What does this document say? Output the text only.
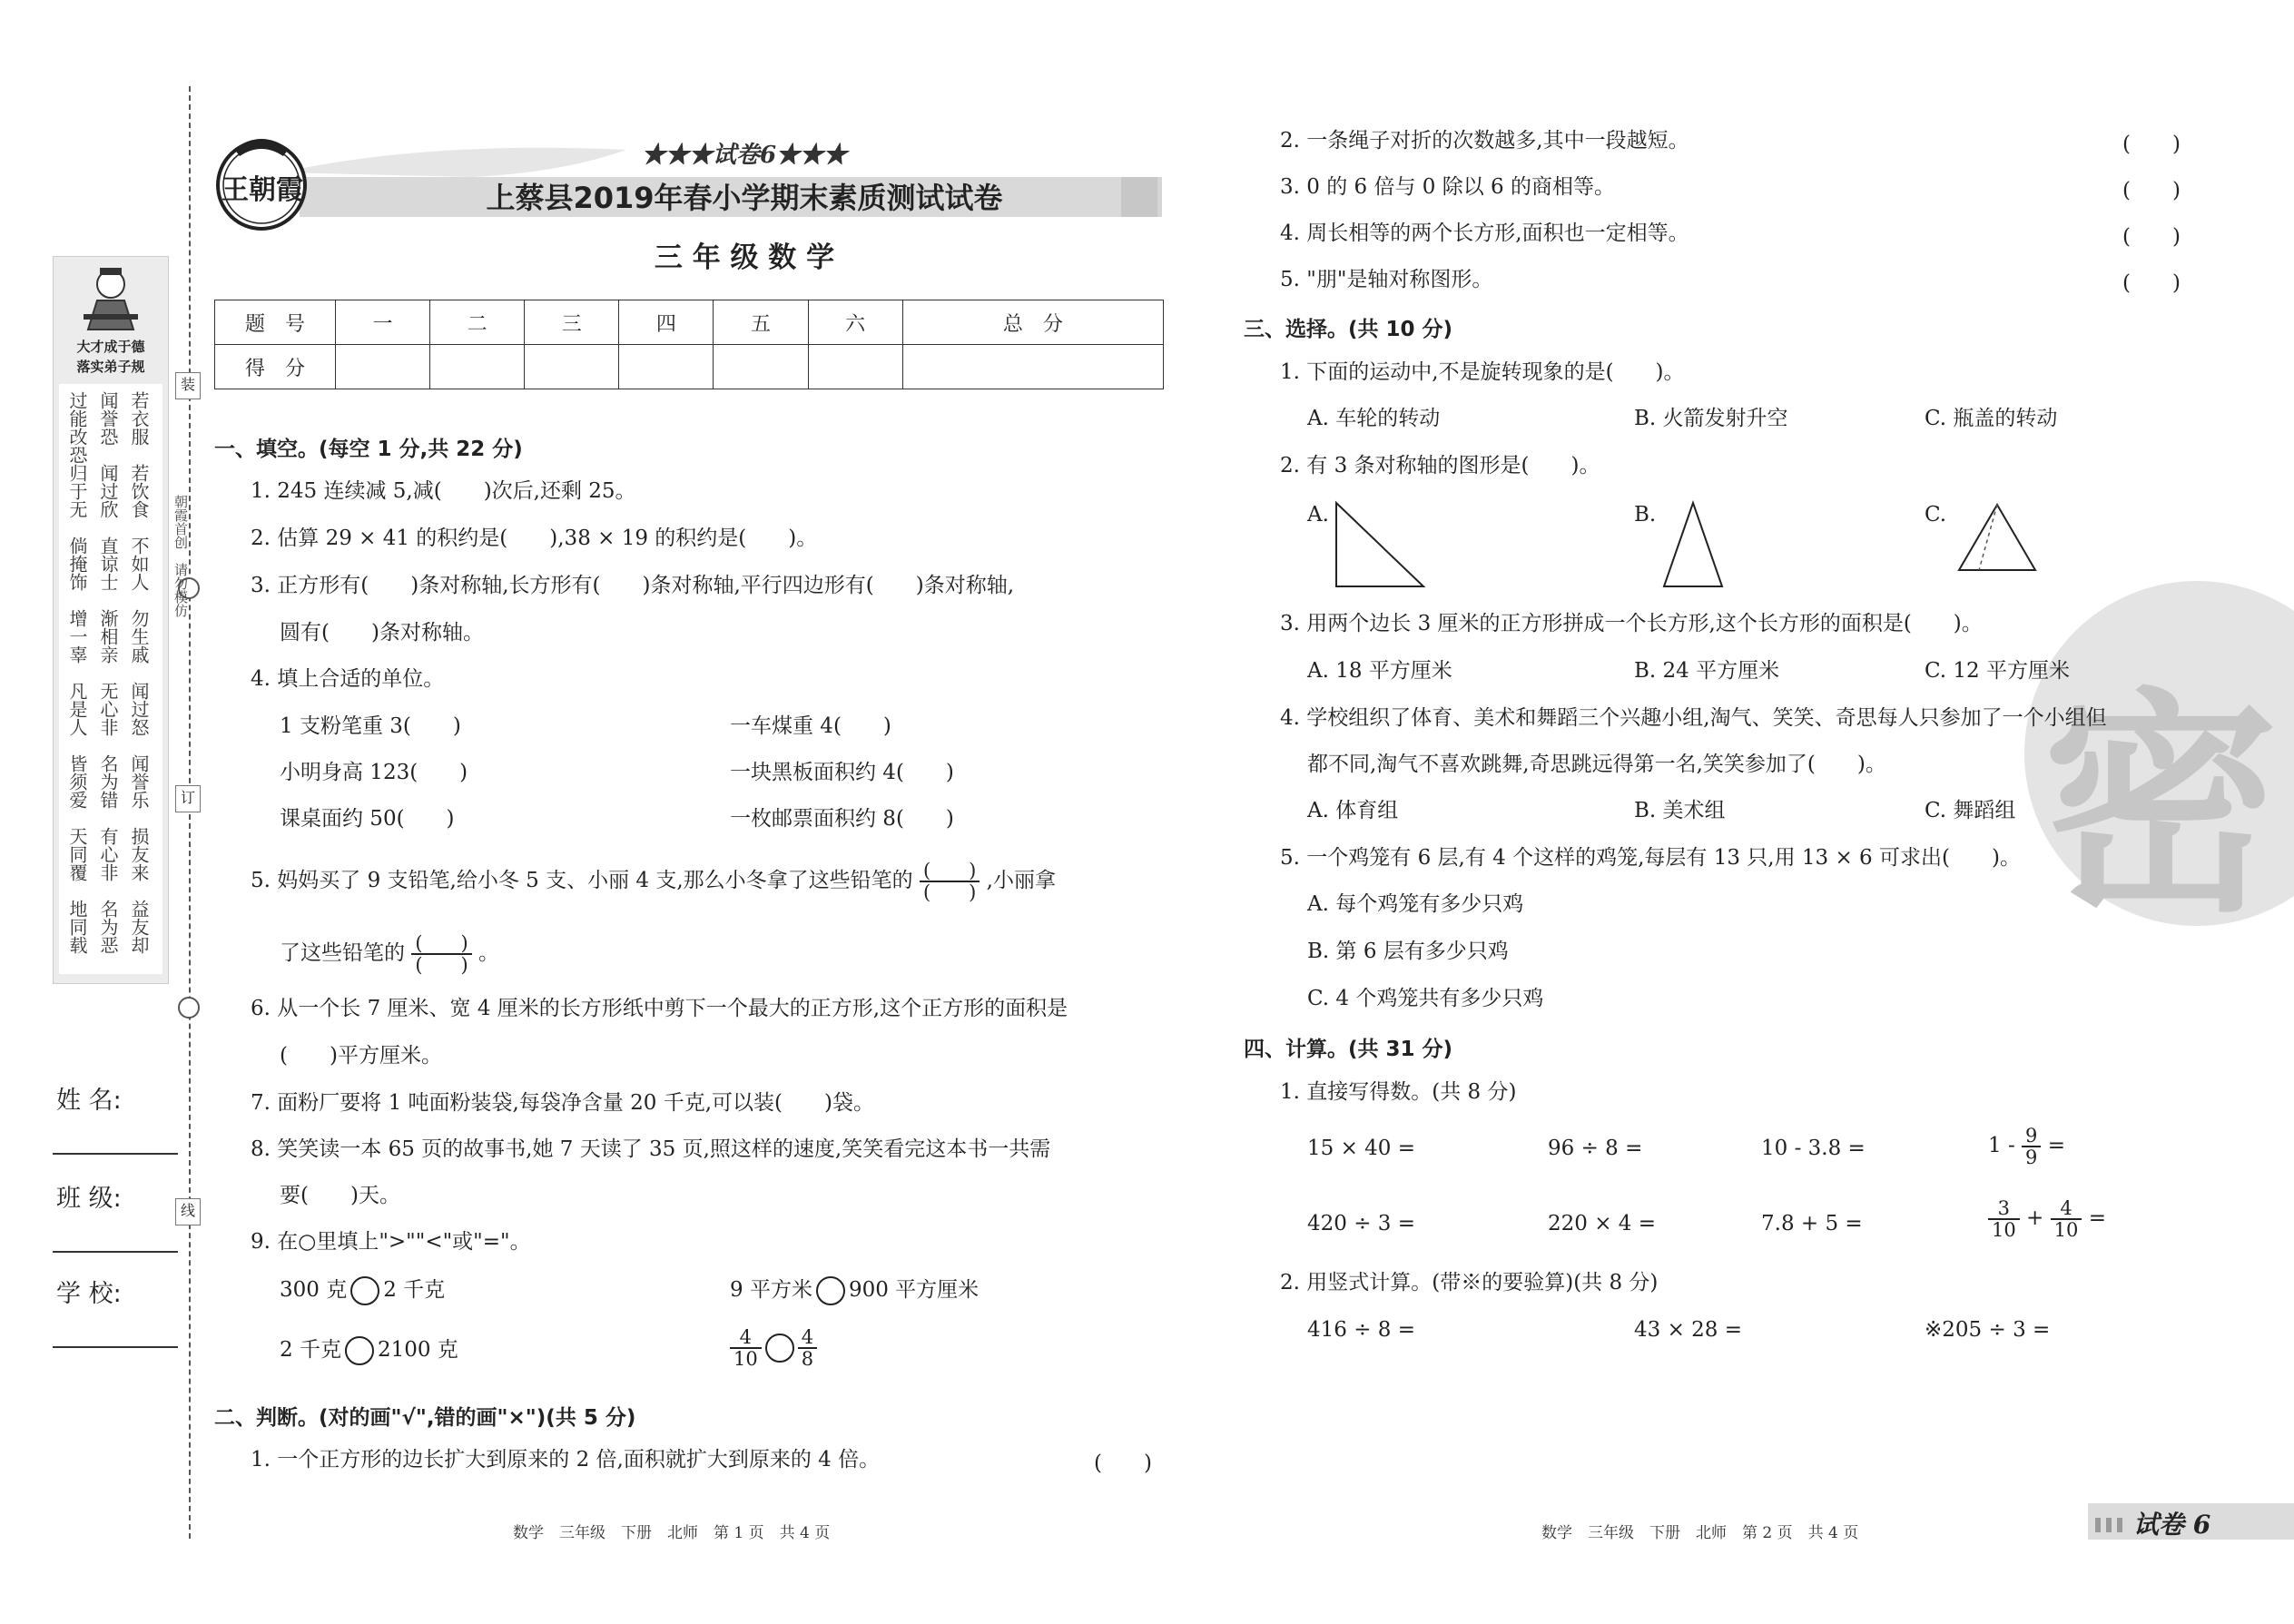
大才成于德
落实弟子规
过能改恐 闻誉恐 若衣服
归于无 闻过欣 若饮食
倘掩饰 直谅士 不如人
增一辜 渐相亲 勿生戚
凡是人 无心非 闻过怒
皆须爱 名为错 闻誉乐
天同覆 有心非 损友来
地同载 名为恶 益友却
装
订
线
朝霞首创　请勿模仿
姓 名:
班 级:
学 校:
王朝霞
★★★试卷6★★★
上蔡县2019年春小学期末素质测试试卷
三 年 级 数 学
题　号	一	二	三	四	五	六	总　分
得　分							
一、填空。(每空 1 分,共 22 分)
1. 245 连续减 5,减(　　)次后,还剩 25。
2. 估算 29 × 41 的积约是(　　),38 × 19 的积约是(　　)。
3. 正方形有(　　)条对称轴,长方形有(　　)条对称轴,平行四边形有(　　)条对称轴,
圆有(　　)条对称轴。
4. 填上合适的单位。
1 支粉笔重 3(　　)	一车煤重 4(　　)
小明身高 123(　　)	一块黑板面积约 4(　　)
课桌面约 50(　　)	一枚邮票面积约 8(　　)
5. 妈妈买了 9 支铅笔,给小冬 5 支、小丽 4 支,那么小冬拿了这些铅笔的 $\frac{( )}{( )}$ ,小丽拿
了这些铅笔的 $\frac{( )}{( )}$ 。
6. 从一个长 7 厘米、宽 4 厘米的长方形纸中剪下一个最大的正方形,这个正方形的面积是
(　　)平方厘米。
7. 面粉厂要将 1 吨面粉装袋,每袋净含量 20 千克,可以装(　　)袋。
8. 笑笑读一本 65 页的故事书,她 7 天读了 35 页,照这样的速度,笑笑看完这本书一共需
要(　　)天。
9. 在○里填上">""<"或"="。
300 克 2 千克	9 平方米 900 平方厘米
2 千克 2100 克	$\frac{4}{10} \frac{4}{8}$
二、判断。(对的画"√",错的画"×")(共 5 分)
1. 一个正方形的边长扩大到原来的 2 倍,面积就扩大到原来的 4 倍。	(　　)
2. 一条绳子对折的次数越多,其中一段越短。	(　　)
3. 0 的 6 倍与 0 除以 6 的商相等。	(　　)
4. 周长相等的两个长方形,面积也一定相等。	(　　)
5. "朋"是轴对称图形。	(　　)
密
三、选择。(共 10 分)
1. 下面的运动中,不是旋转现象的是(　　)。
A. 车轮的转动	B. 火箭发射升空	C. 瓶盖的转动
2. 有 3 条对称轴的图形是(　　)。
A.	B.	C.
3. 用两个边长 3 厘米的正方形拼成一个长方形,这个长方形的面积是(　　)。
A. 18 平方厘米	B. 24 平方厘米	C. 12 平方厘米
4. 学校组织了体育、美术和舞蹈三个兴趣小组,淘气、笑笑、奇思每人只参加了一个小组但
都不同,淘气不喜欢跳舞,奇思跳远得第一名,笑笑参加了(　　)。
A. 体育组	B. 美术组	C. 舞蹈组
5. 一个鸡笼有 6 层,有 4 个这样的鸡笼,每层有 13 只,用 13 × 6 可求出(　　)。
A. 每个鸡笼有多少只鸡
B. 第 6 层有多少只鸡
C. 4 个鸡笼共有多少只鸡
四、计算。(共 31 分)
1. 直接写得数。(共 8 分)
15 × 40 =	96 ÷ 8 =	10 - 3.8 =	$1 - \frac{9}{9}$ =
420 ÷ 3 =	220 × 4 =	7.8 + 5 =	$\frac{3}{10} + \frac{4}{10}$ =
2. 用竖式计算。(带※的要验算)(共 8 分)
416 ÷ 8 =	43 × 28 =	※205 ÷ 3 =
数学　三年级　下册　北师　第 1 页　共 4 页	数学　三年级　下册　北师　第 2 页　共 4 页	试卷 6
